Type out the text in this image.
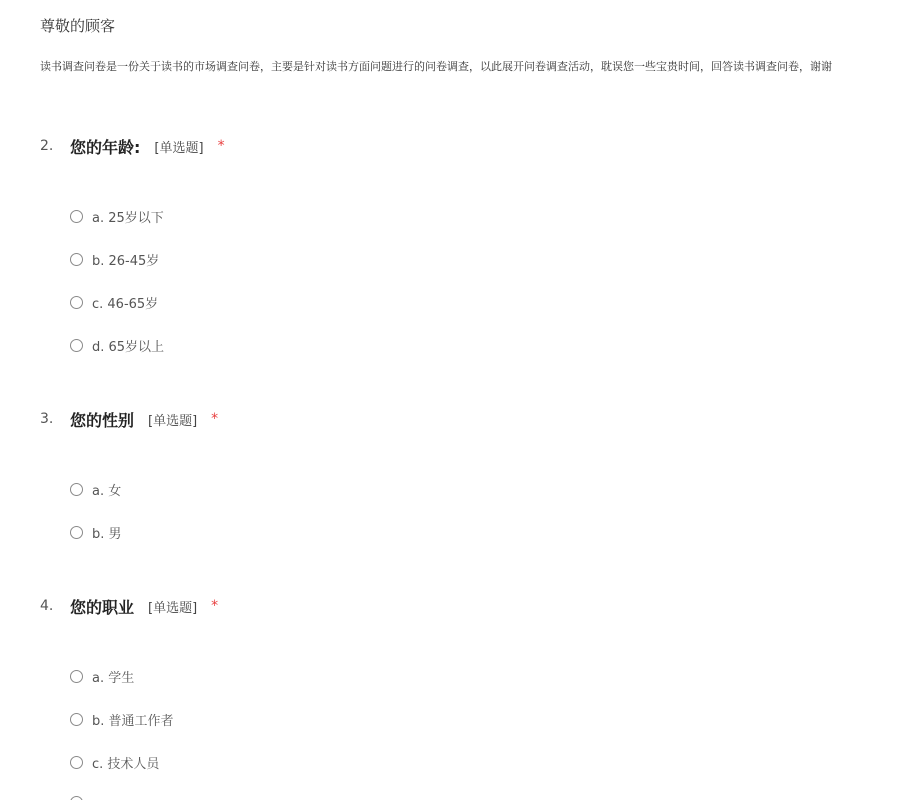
尊敬的顾客
读书调查问卷是一份关于读书的市场调查问卷，主要是针对读书方面问题进行的问卷调查，以此展开问卷调查活动，耽误您一些宝贵时间，回答读书调查问卷，谢谢
2.	您的年龄: [单选题] *
a. 25岁以下
b. 26-45岁
c. 46-65岁
d. 65岁以上
3.	您的性别 [单选题] *
a. 女
b. 男
4.	您的职业 [单选题] *
a. 学生
b. 普通工作者
c. 技术人员
